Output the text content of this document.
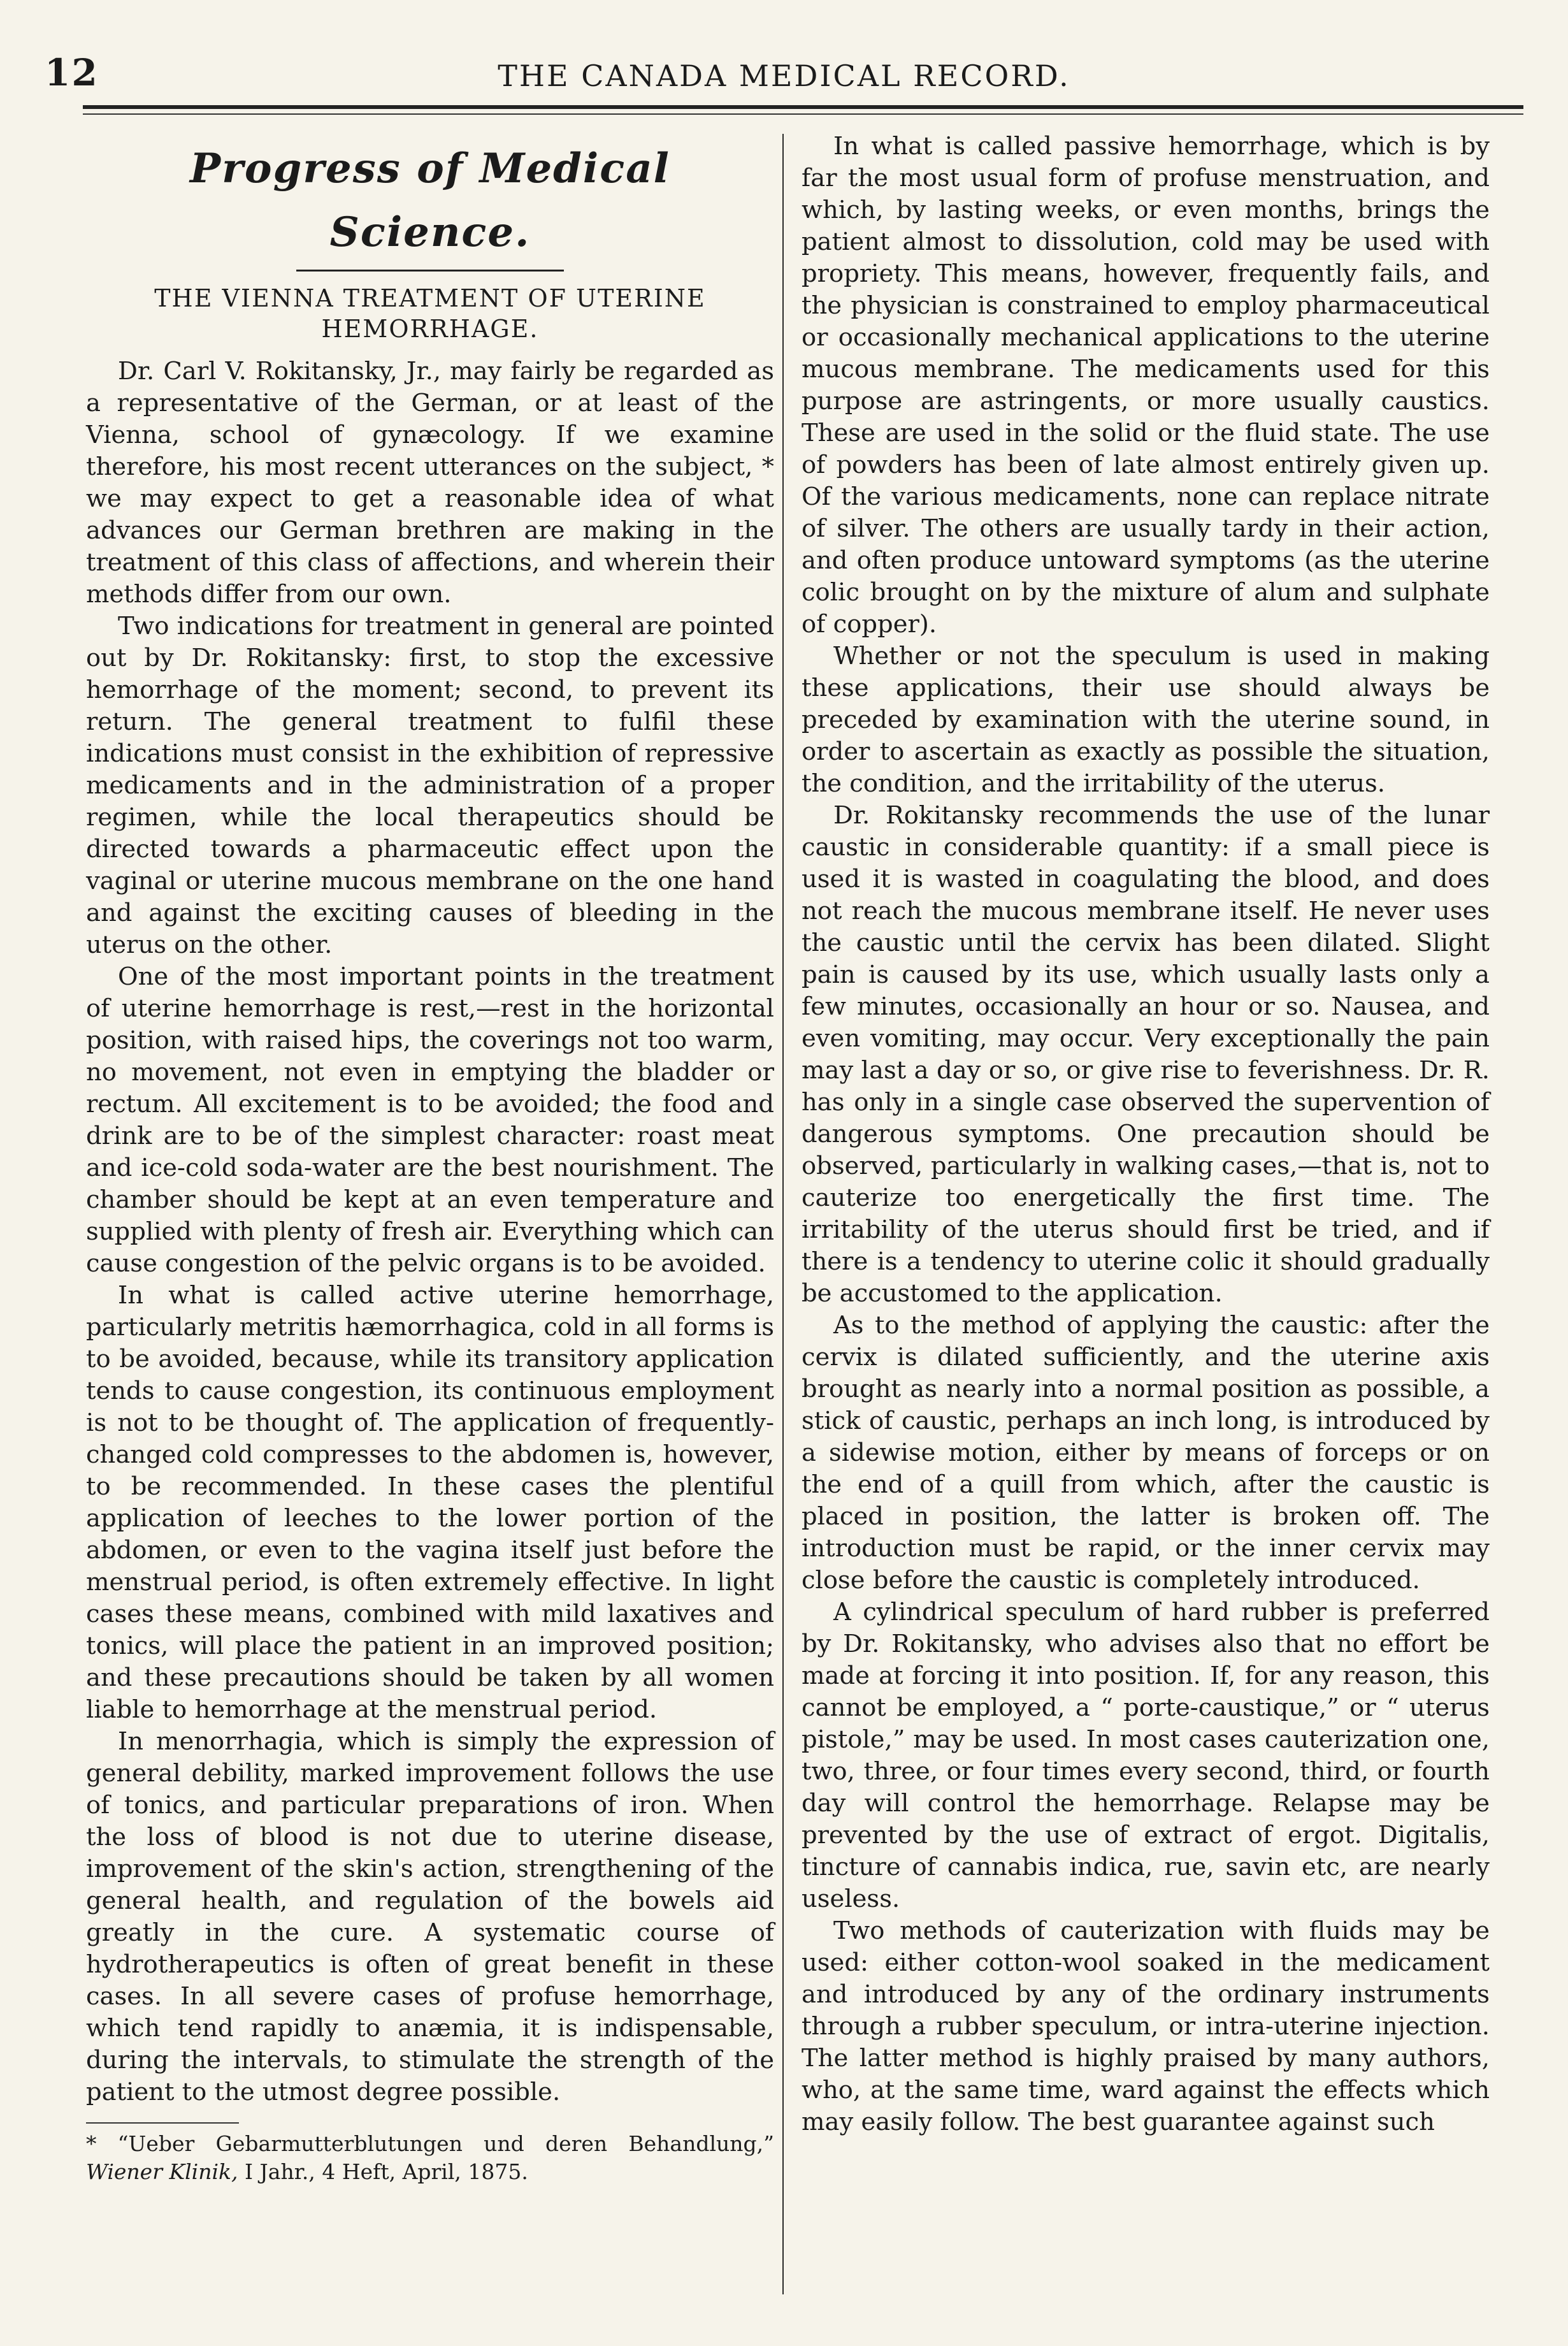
12	THE CANADA MEDICAL RECORD.
Progress of Medical Science.
THE VIENNA TREATMENT OF UTERINE HEMORRHAGE.

Dr. Carl V. Rokitansky, Jr., may fairly be regarded as a representative of the German, or at least of the Vienna, school of gynæcology. If we examine therefore, his most recent utterances on the subject, * we may expect to get a reasonable idea of what advances our German brethren are making in the treatment of this class of affections, and wherein their methods differ from our own.

Two indications for treatment in general are pointed out by Dr. Rokitansky: first, to stop the excessive hemorrhage of the moment; second, to prevent its return. The general treatment to fulfil these indications must consist in the exhibition of repressive medicaments and in the administration of a proper regimen, while the local therapeutics should be directed towards a pharmaceutic effect upon the vaginal or uterine mucous membrane on the one hand and against the exciting causes of bleeding in the uterus on the other.

One of the most important points in the treatment of uterine hemorrhage is rest,—rest in the horizontal position, with raised hips, the coverings not too warm, no movement, not even in emptying the bladder or rectum. All excitement is to be avoided; the food and drink are to be of the simplest character: roast meat and ice-cold soda-water are the best nourishment. The chamber should be kept at an even temperature and supplied with plenty of fresh air. Everything which can cause congestion of the pelvic organs is to be avoided.

In what is called active uterine hemorrhage, particularly metritis hæmorrhagica, cold in all forms is to be avoided, because, while its transitory application tends to cause congestion, its continuous employment is not to be thought of. The application of frequently-changed cold compresses to the abdomen is, however, to be recommended. In these cases the plentiful application of leeches to the lower portion of the abdomen, or even to the vagina itself just before the menstrual period, is often extremely effective. In light cases these means, combined with mild laxatives and tonics, will place the patient in an improved position; and these precautions should be taken by all women liable to hemorrhage at the menstrual period.

In menorrhagia, which is simply the expression of general debility, marked improvement follows the use of tonics, and particular preparations of iron. When the loss of blood is not due to uterine disease, improvement of the skin's action, strengthening of the general health, and regulation of the bowels aid greatly in the cure. A systematic course of hydrotherapeutics is often of great benefit in these cases. In all severe cases of profuse hemorrhage, which tend rapidly to anæmia, it is indispensable, during the intervals, to stimulate the strength of the patient to the utmost degree possible.

* “Ueber Gebarmutterblutungen und deren Behandlung,” Wiener Klinik, I Jahr., 4 Heft, April, 1875.

In what is called passive hemorrhage, which is by far the most usual form of profuse menstruation, and which, by lasting weeks, or even months, brings the patient almost to dissolution, cold may be used with propriety. This means, however, frequently fails, and the physician is constrained to employ pharmaceutical or occasionally mechanical applications to the uterine mucous membrane. The medicaments used for this purpose are astringents, or more usually caustics. These are used in the solid or the fluid state. The use of powders has been of late almost entirely given up. Of the various medicaments, none can replace nitrate of silver. The others are usually tardy in their action, and often produce untoward symptoms (as the uterine colic brought on by the mixture of alum and sulphate of copper).

Whether or not the speculum is used in making these applications, their use should always be preceded by examination with the uterine sound, in order to ascertain as exactly as possible the situation, the condition, and the irritability of the uterus.

Dr. Rokitansky recommends the use of the lunar caustic in considerable quantity: if a small piece is used it is wasted in coagulating the blood, and does not reach the mucous membrane itself. He never uses the caustic until the cervix has been dilated. Slight pain is caused by its use, which usually lasts only a few minutes, occasionally an hour or so. Nausea, and even vomiting, may occur. Very exceptionally the pain may last a day or so, or give rise to feverishness. Dr. R. has only in a single case observed the supervention of dangerous symptoms. One precaution should be observed, particularly in walking cases,—that is, not to cauterize too energetically the first time. The irritability of the uterus should first be tried, and if there is a tendency to uterine colic it should gradually be accustomed to the application.

As to the method of applying the caustic: after the cervix is dilated sufficiently, and the uterine axis brought as nearly into a normal position as possible, a stick of caustic, perhaps an inch long, is introduced by a sidewise motion, either by means of forceps or on the end of a quill from which, after the caustic is placed in position, the latter is broken off. The introduction must be rapid, or the inner cervix may close before the caustic is completely introduced.

A cylindrical speculum of hard rubber is preferred by Dr. Rokitansky, who advises also that no effort be made at forcing it into position. If, for any reason, this cannot be employed, a “ porte-caustique,” or “ uterus pistole,” may be used. In most cases cauterization one, two, three, or four times every second, third, or fourth day will control the hemorrhage. Relapse may be prevented by the use of extract of ergot. Digitalis, tincture of cannabis indica, rue, savin etc, are nearly useless.

Two methods of cauterization with fluids may be used: either cotton-wool soaked in the medicament and introduced by any of the ordinary instruments through a rubber speculum, or intra-uterine injection. The latter method is highly praised by many authors, who, at the same time, ward against the effects which may easily follow. The best guarantee against such
